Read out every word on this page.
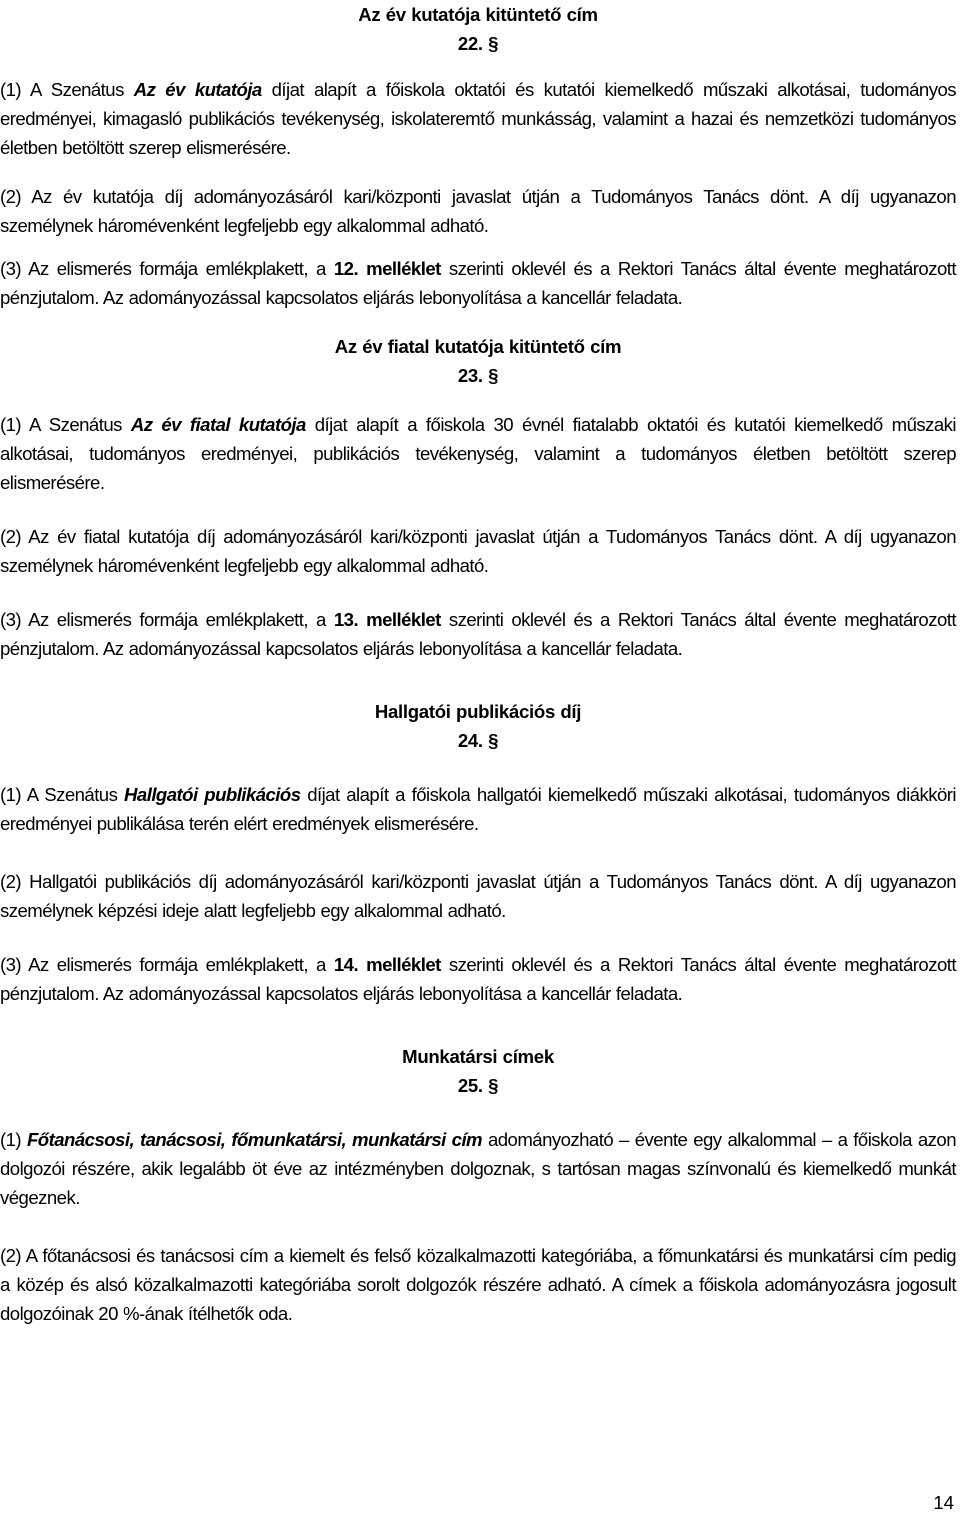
Az év kutatója kitüntető cím
22. §

(1) A Szenátus Az év kutatója díjat alapít a főiskola oktatói és kutatói kiemelkedő műszaki alkotásai, tudományos eredményei, kimagasló publikációs tevékenység, iskolateremtő munkásság, valamint a hazai és nemzetközi tudományos életben betöltött szerep elismerésére.

(2) Az év kutatója díj adományozásáról kari/központi javaslat útján a Tudományos Tanács dönt. A díj ugyanazon személynek háromévenként legfeljebb egy alkalommal adható.

(3) Az elismerés formája emlékplakett, a 12. melléklet szerinti oklevél és a Rektori Tanács által évente meghatározott pénzjutalom. Az adományozással kapcsolatos eljárás lebonyolítása a kancellár feladata.

Az év fiatal kutatója kitüntető cím
23. §

(1) A Szenátus Az év fiatal kutatója díjat alapít a főiskola 30 évnél fiatalabb oktatói és kutatói kiemelkedő műszaki alkotásai, tudományos eredményei, publikációs tevékenység, valamint a tudományos életben betöltött szerep elismerésére.

(2) Az év fiatal kutatója díj adományozásáról kari/központi javaslat útján a Tudományos Tanács dönt. A díj ugyanazon személynek háromévenként legfeljebb egy alkalommal adható.

(3) Az elismerés formája emlékplakett, a 13. melléklet szerinti oklevél és a Rektori Tanács által évente meghatározott pénzjutalom. Az adományozással kapcsolatos eljárás lebonyolítása a kancellár feladata.

Hallgatói publikációs díj
24. §

(1) A Szenátus Hallgatói publikációs díjat alapít a főiskola hallgatói kiemelkedő műszaki alkotásai, tudományos diákköri eredményei publikálása terén elért eredmények elismerésére.

(2) Hallgatói publikációs díj adományozásáról kari/központi javaslat útján a Tudományos Tanács dönt. A díj ugyanazon személynek képzési ideje alatt legfeljebb egy alkalommal adható.

(3) Az elismerés formája emlékplakett, a 14. melléklet szerinti oklevél és a Rektori Tanács által évente meghatározott pénzjutalom. Az adományozással kapcsolatos eljárás lebonyolítása a kancellár feladata.

Munkatársi címek
25. §

(1) Főtanácsosi, tanácsosi, főmunkatársi, munkatársi cím adományozható – évente egy alkalommal – a főiskola azon dolgozói részére, akik legalább öt éve az intézményben dolgoznak, s tartósan magas színvonalú és kiemelkedő munkát végeznek.

(2) A főtanácsosi és tanácsosi cím a kiemelt és felső közalkalmazotti kategóriába, a főmunkatársi és munkatársi cím pedig a közép és alsó közalkalmazotti kategóriába sorolt dolgozók részére adható. A címek a főiskola adományozásra jogosult dolgozóinak 20 %-ának ítélhetők oda.

14
